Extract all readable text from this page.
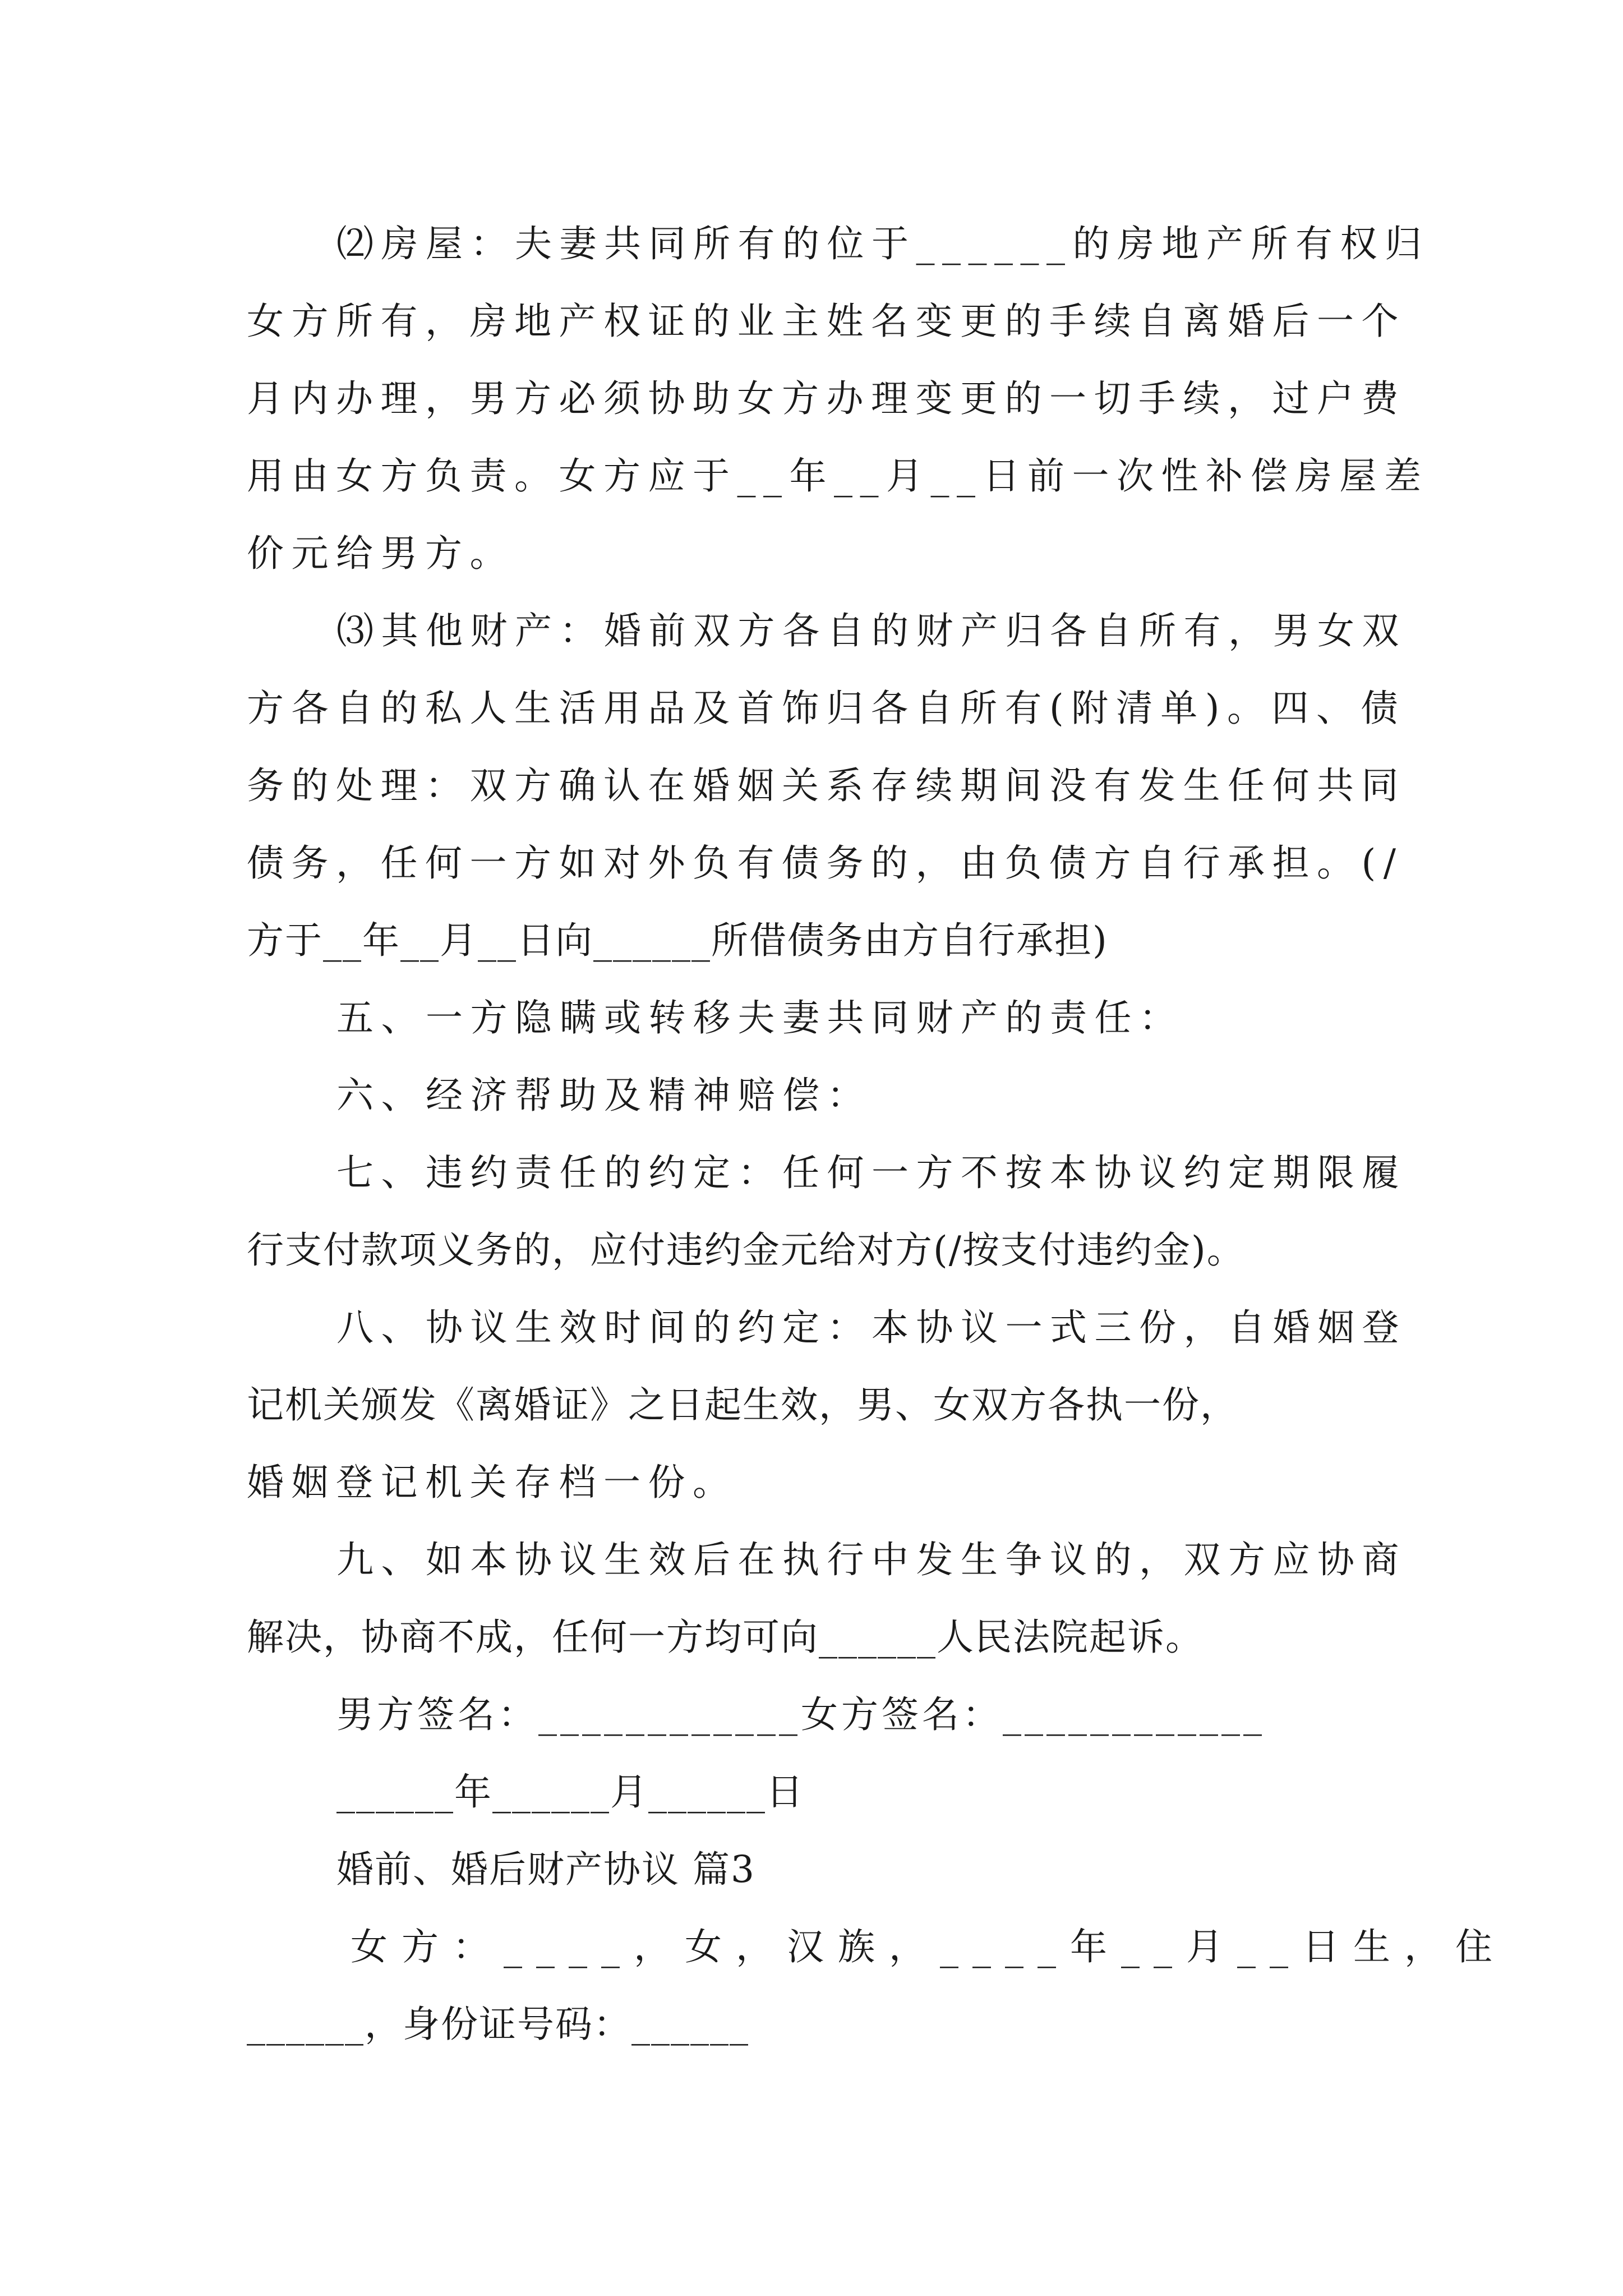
⑵房屋：夫妻共同所有的位于______的房地产所有权归
女方所有，房地产权证的业主姓名变更的手续自离婚后一个
月内办理，男方必须协助女方办理变更的一切手续，过户费
用由女方负责。女方应于__年__月__日前一次性补偿房屋差
价元给男方。
⑶其他财产：婚前双方各自的财产归各自所有，男女双
方各自的私人生活用品及首饰归各自所有(附清单)。四、债
务的处理：双方确认在婚姻关系存续期间没有发生任何共同
债务，任何一方如对外负有债务的，由负债方自行承担。(/
方于__年__月__日向______所借债务由方自行承担)
五、一方隐瞒或转移夫妻共同财产的责任：
六、经济帮助及精神赔偿：
七、违约责任的约定：任何一方不按本协议约定期限履
行支付款项义务的，应付违约金元给对方(/按支付违约金)。
八、协议生效时间的约定：本协议一式三份，自婚姻登
记机关颁发《离婚证》之日起生效，男、女双方各执一份，
婚姻登记机关存档一份。
九、如本协议生效后在执行中发生争议的，双方应协商
解决，协商不成，任何一方均可向______人民法院起诉。
男方签名：____________女方签名：____________
______年______月______日
婚前、婚后财产协议 篇3
女方：____，女，汉族，____年__月__日生，住
______，身份证号码：______
